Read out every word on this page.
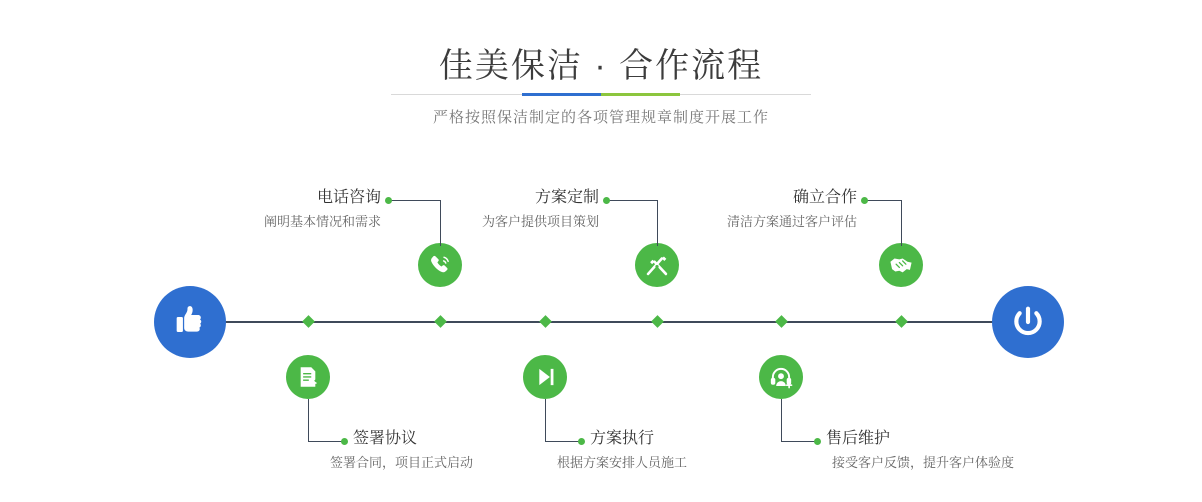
佳美保洁 · 合作流程
严格按照保洁制定的各项管理规章制度开展工作
电话咨询
阐明基本情况和需求
签署协议
签署合同，项目正式启动
方案定制
为客户提供项目策划
方案执行
根据方案安排人员施工
确立合作
清洁方案通过客户评估
售后维护
接受客户反馈，提升客户体验度
